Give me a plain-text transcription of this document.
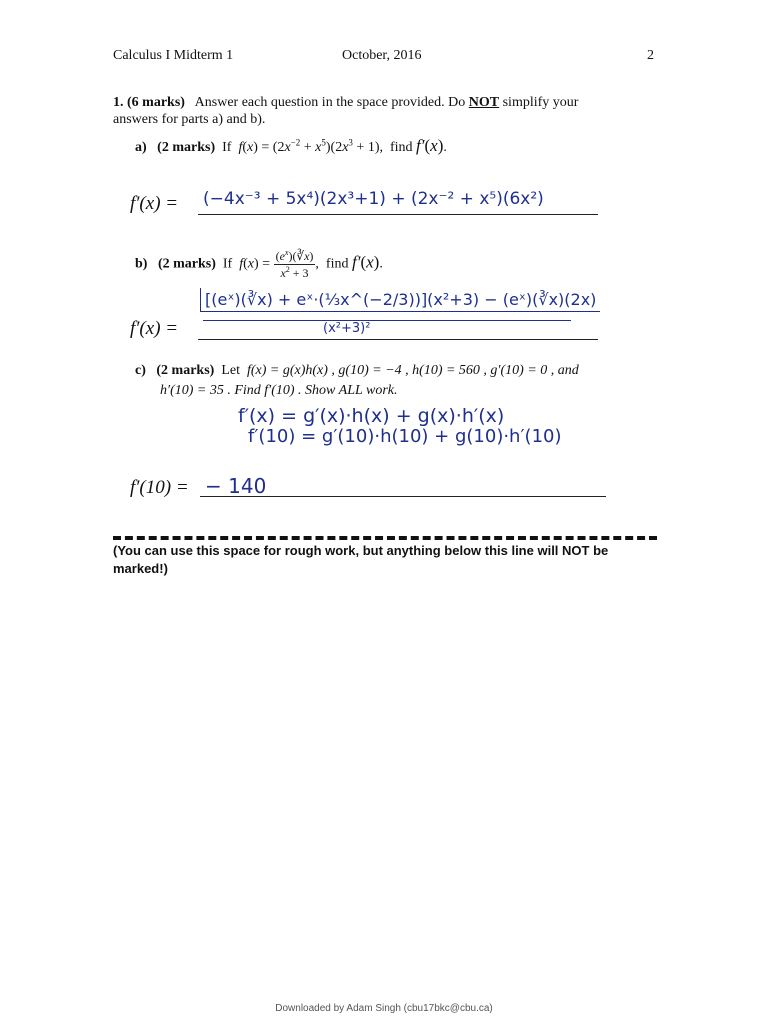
Calculus I Midterm 1	October, 2016	2
1. (6 marks) Answer each question in the space provided. Do NOT simplify your
answers for parts a) and b).
a) (2 marks) If $f(x) = (2x^{-2} + x^5)(2x^3 + 1)$,  find f′(x).
f′(x) = (−4x⁻³ + 5x⁴)(2x³+1) + (2x⁻² + x⁵)(6x²)
b) (2 marks) If $f(x) = \frac{(e^x)(∛x)}{x^2 + 3}$ ,  find f′(x).
f′(x) =
[(eˣ)(∛x) + eˣ·(⅓x^(−2/3))](x²+3) − (eˣ)(∛x)(2x)
(x²+3)²
c) (2 marks) Let f(x) = g(x)h(x) , g(10) = −4 , h(10) = 560 , g′(10) = 0 , and
h′(10) = 35 . Find f′(10) . Show ALL work.
f′(x) = g′(x)·h(x) + g(x)·h′(x)
f′(10) = g′(10)·h(10) + g(10)·h′(10)
f′(10) = − 140
(You can use this space for rough work, but anything below this line will NOT be marked!)
Downloaded by Adam Singh (cbu17bkc@cbu.ca)
